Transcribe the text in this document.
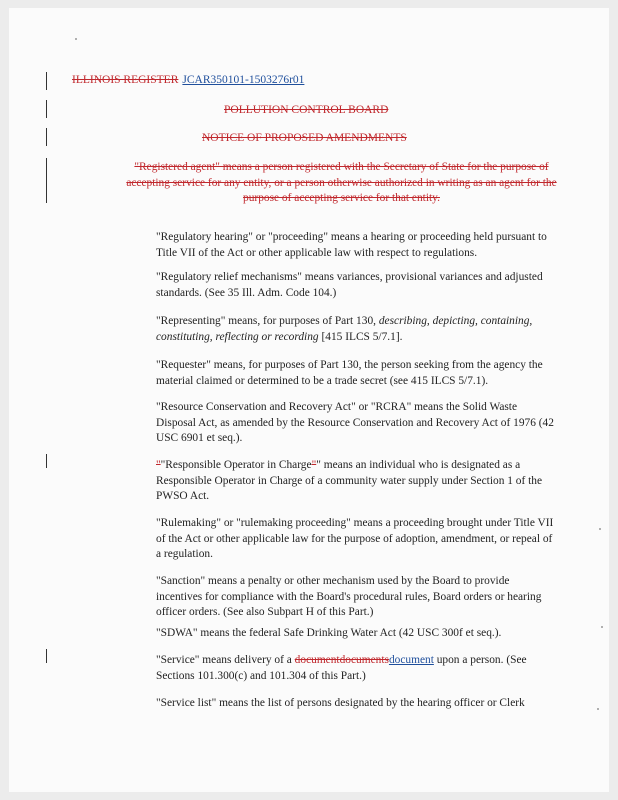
ILLINOIS REGISTER JCAR350101-1503276r01
POLLUTION CONTROL BOARD
NOTICE OF PROPOSED AMENDMENTS
"Registered agent" means a person registered with the Secretary of State for the purpose of accepting service for any entity, or a person otherwise authorized in writing as an agent for the purpose of accepting service for that entity.

"Regulatory hearing" or "proceeding" means a hearing or proceeding held pursuant to Title VII of the Act or other applicable law with respect to regulations.

"Regulatory relief mechanisms" means variances, provisional variances and adjusted standards. (See 35 Ill. Adm. Code 104.)

"Representing" means, for purposes of Part 130, describing, depicting, containing, constituting, reflecting or recording [415 ILCS 5/7.1].

"Requester" means, for purposes of Part 130, the person seeking from the agency the material claimed or determined to be a trade secret (see 415 ILCS 5/7.1).

"Resource Conservation and Recovery Act" or "RCRA" means the Solid Waste Disposal Act, as amended by the Resource Conservation and Recovery Act of 1976 (42 USC 6901 et seq.).

""Responsible Operator in Charge"" means an individual who is designated as a Responsible Operator in Charge of a community water supply under Section 1 of the PWSO Act.

"Rulemaking" or "rulemaking proceeding" means a proceeding brought under Title VII of the Act or other applicable law for the purpose of adoption, amendment, or repeal of a regulation.

"Sanction" means a penalty or other mechanism used by the Board to provide incentives for compliance with the Board's procedural rules, Board orders or hearing officer orders. (See also Subpart H of this Part.)

"SDWA" means the federal Safe Drinking Water Act (42 USC 300f et seq.).

"Service" means delivery of a documentdocumentsdocument upon a person. (See Sections 101.300(c) and 101.304 of this Part.)

"Service list" means the list of persons designated by the hearing officer or Clerk
